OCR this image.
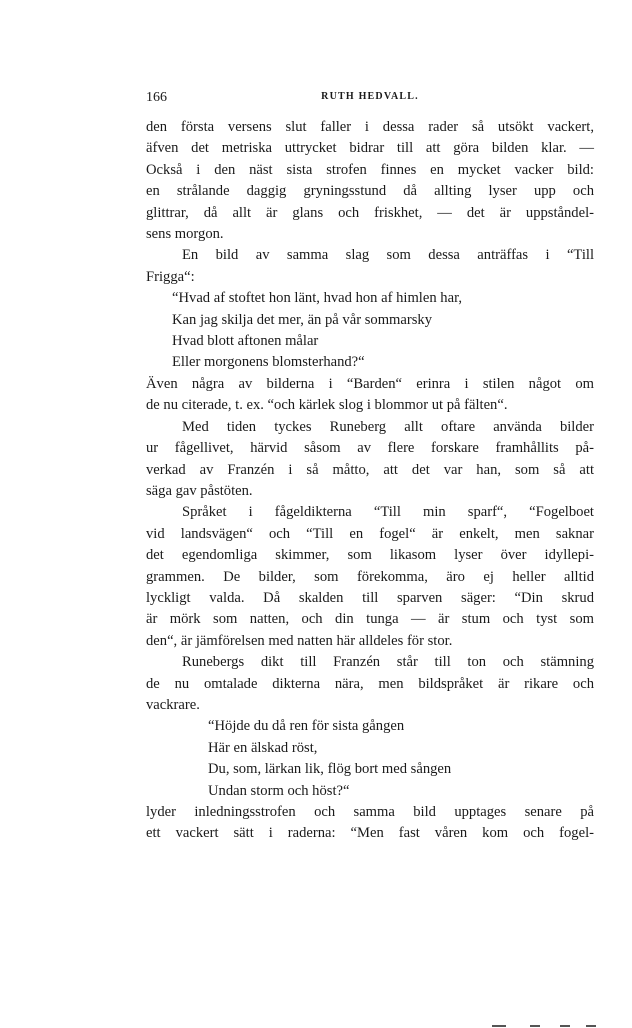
166	RUTH HEDVALL.
den första versens slut faller i dessa rader så utsökt vackert,
äfven det metriska uttrycket bidrar till att göra bilden klar. —
Också i den näst sista strofen finnes en mycket vacker bild:
en strålande daggig gryningsstund då allting lyser upp och
glittrar, då allt är glans och friskhet, — det är uppståndel-
sens morgon.
En bild av samma slag som dessa anträffas i “Till
Frigga“:
“Hvad af stoftet hon länt, hvad hon af himlen har,
Kan jag skilja det mer, än på vår sommarsky
Hvad blott aftonen målar
Eller morgonens blomsterhand?“
Även några av bilderna i “Barden“ erinra i stilen något om
de nu citerade, t. ex. “och kärlek slog i blommor ut på fälten“.
Med tiden tyckes Runeberg allt oftare använda bilder
ur fågellivet, härvid såsom av flere forskare framhållits på-
verkad av Franzén i så måtto, att det var han, som så att
säga gav påstöten.
Språket i fågeldikterna “Till min sparf“, “Fogelboet
vid landsvägen“ och “Till en fogel“ är enkelt, men saknar
det egendomliga skimmer, som likasom lyser över idyllepi-
grammen. De bilder, som förekomma, äro ej heller alltid
lyckligt valda. Då skalden till sparven säger: “Din skrud
är mörk som natten, och din tunga — är stum och tyst som
den“, är jämförelsen med natten här alldeles för stor.
Runebergs dikt till Franzén står till ton och stämning
de nu omtalade dikterna nära, men bildspråket är rikare och
vackrare.
“Höjde du då ren för sista gången
Här en älskad röst,
Du, som, lärkan lik, flög bort med sången
Undan storm och höst?“
lyder inledningsstrofen och samma bild upptages senare på
ett vackert sätt i raderna: “Men fast våren kom och fogel-
